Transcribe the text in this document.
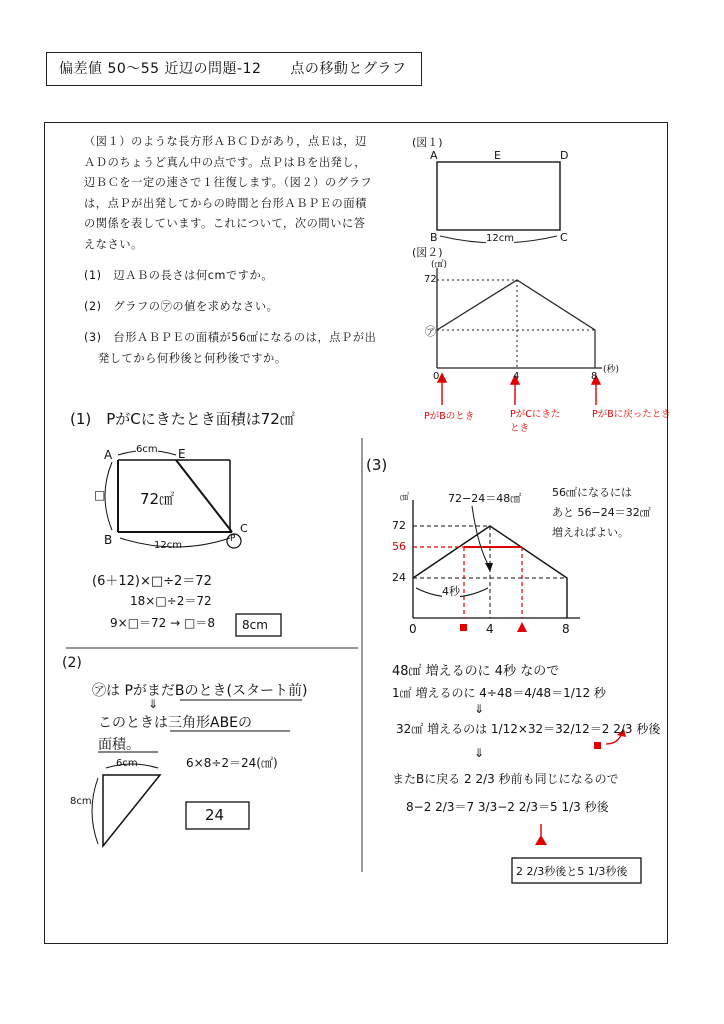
偏差値 50〜55 近辺の問題-12　　点の移動とグラフ
（図１）のような長方形ＡＢＣＤがあり，点Ｅは，辺
ＡＤのちょうど真ん中の点です。点ＰはＢを出発し，
辺ＢＣを一定の速さで１往復します。（図２）のグラフ
は，点Ｐが出発してからの時間と台形ＡＢＰＥの面積
の関係を表しています。これについて，次の問いに答
えなさい。
(1)　辺ＡＢの長さは何cmですか。
(2)　グラフの㋐の値を求めなさい。
(3)　台形ＡＢＰＥの面積が56㎠になるのは，点Ｐが出
発してから何秒後と何秒後ですか。
(図１)
A	E	D
B	C
12cm
(図２)
(㎠)
72
㋐
0	4	8
(秒)
PがBのとき	PがCにきた
とき
PがBに戻ったとき
(1)　PがCにきたとき面積は72㎠
A	E
B
C
P
6cm
12cm
72㎠
□
(6＋12)×□÷2＝72
18×□÷2＝72
9×□＝72 → □＝8 8cm
(2)
㋐は PがまだBのとき(スタート前)
⇓
このときは三角形ABEの
面積。
6×8÷2＝24(㎠)
6cm
8cm
24
(3)
㎠	72−24＝48㎠
72
56
24
0	4	8
4秒
56㎠になるには
あと 56−24＝32㎠
増えればよい。
48㎠ 増えるのに 4秒 なので
1㎠ 増えるのに 4÷48＝4/48＝1/12 秒
⇓
32㎠ 増えるのは 1/12×32＝32/12＝2 2/3 秒後
⇓
またBに戻る 2 2/3 秒前も同じになるので
8−2 2/3＝7 3/3−2 2/3＝5 1/3 秒後
2 2/3秒後と5 1/3秒後
